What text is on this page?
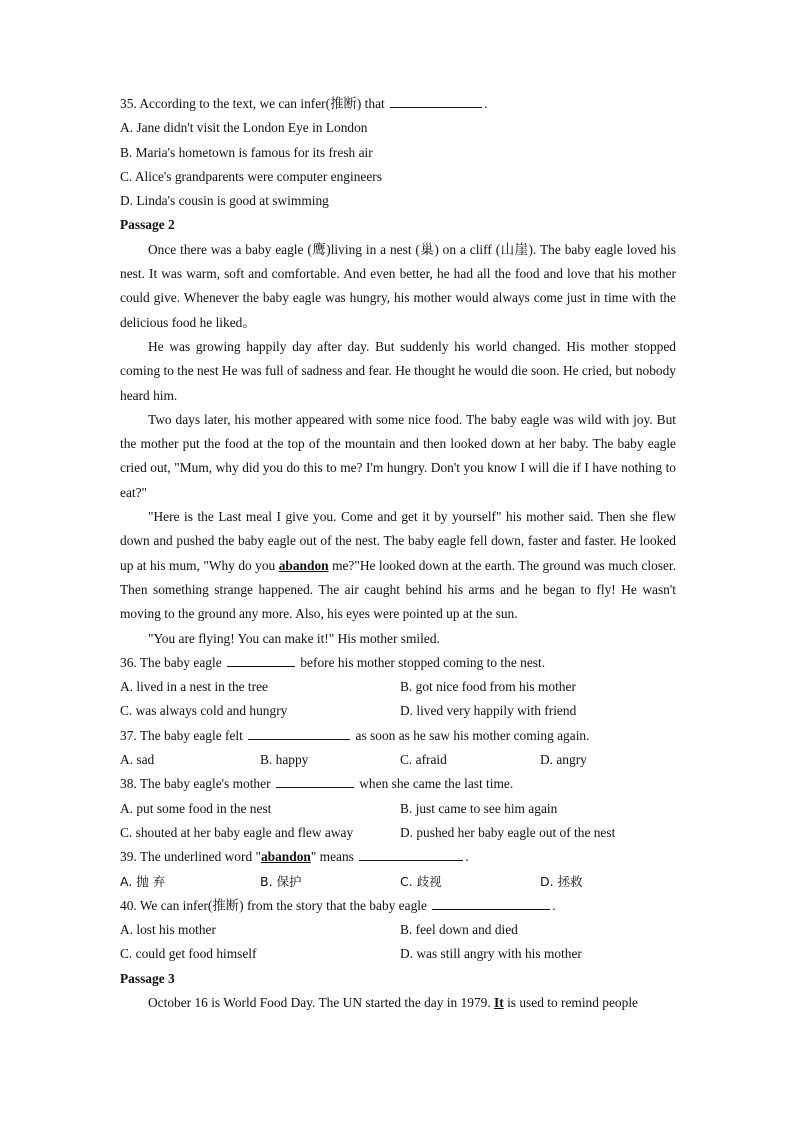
35. According to the text, we can infer(推断) that	.
A. Jane didn't visit the London Eye in London
B. Maria's hometown is famous for its fresh air
C. Alice's grandparents were computer engineers
D. Linda's cousin is good at swimming
Passage 2

Once there was a baby eagle (鹰)living in a nest (巢) on a cliff (山崖). The baby eagle loved his nest. It was warm, soft and comfortable. And even better, he had all the food and love that his mother could give. Whenever the baby eagle was hungry, his mother would always come just in time with the delicious food he liked。

He was growing happily day after day. But suddenly his world changed. His mother stopped coming to the nest He was full of sadness and fear. He thought he would die soon. He cried, but nobody heard him.

Two days later, his mother appeared with some nice food. The baby eagle was wild with joy. But the mother put the food at the top of the mountain and then looked down at her baby. The baby eagle cried out, "Mum, why did you do this to me? I'm hungry. Don't you know I will die if I have nothing to eat?"

"Here is the Last meal I give you. Come and get it by yourself" his mother said. Then she flew down and pushed the baby eagle out of the nest. The baby eagle fell down, faster and faster. He looked up at his mum, "Why do you abandon me?"He looked down at the earth. The ground was much closer. Then something strange happened. The air caught behind his arms and he began to fly! He wasn't moving to the ground any more. Also, his eyes were pointed up at the sun.

"You are flying! You can make it!" His mother smiled.

36. The baby eagle	before his mother stopped coming to the nest.
A. lived in a nest in the tree	B. got nice food from his mother
C. was always cold and hungry	D. lived very happily with friend
37. The baby eagle felt	as soon as he saw his mother coming again.
A. sad	B. happy	C. afraid	D. angry
38. The baby eagle's mother	when she came the last time.
A. put some food in the nest	B. just came to see him again
C. shouted at her baby eagle and flew away	D. pushed her baby eagle out of the nest
39. The underlined word "abandon" means	.
A. 抛 弃	B. 保护	C. 歧视	D. 拯救
40. We can infer(推断) from the story that the baby eagle	.
A. lost his mother	B. feel down and died
C. could get food himself	D. was still angry with his mother
Passage 3
October 16 is World Food Day. The UN started the day in 1979. It is used to remind people
